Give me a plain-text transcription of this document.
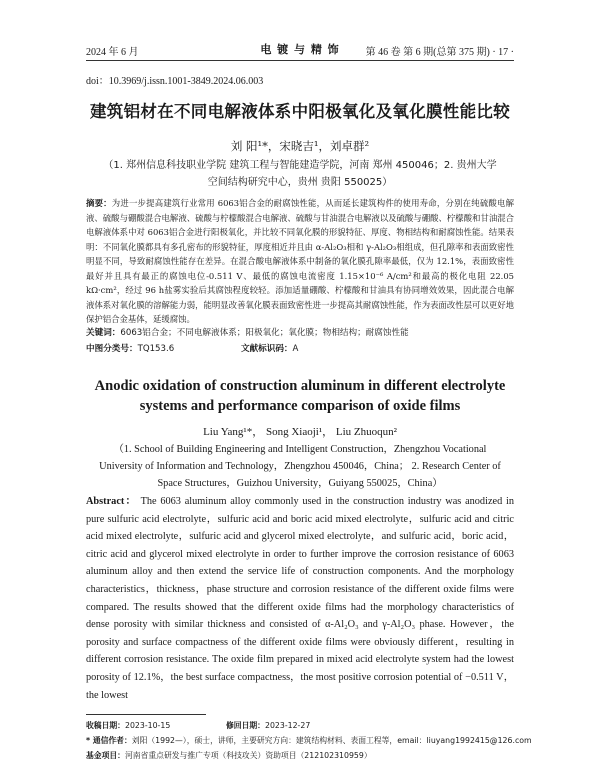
2024 年 6 月	电 镀 与 精 饰	第 46 卷 第 6 期(总第 375 期) · 17 ·
doi：10.3969/j.issn.1001-3849.2024.06.003
建筑铝材在不同电解液体系中阳极氧化及氧化膜性能比较
刘 阳¹*，宋晓吉¹，刘卓群²
（1. 郑州信息科技职业学院 建筑工程与智能建造学院，河南 郑州 450046；2. 贵州大学 空间结构研究中心，贵州 贵阳 550025）
摘要：为进一步提高建筑行业常用 6063铝合金的耐腐蚀性能，从而延长建筑构件的使用寿命，分别在纯硫酸电解液、硫酸与硼酸混合电解液、硫酸与柠檬酸混合电解液、硫酸与甘油混合电解液以及硫酸与硼酸、柠檬酸和甘油混合电解液体系中对 6063铝合金进行阳极氧化，并比较不同氧化膜的形貌特征、厚度、物相结构和耐腐蚀性能。结果表明：不同氧化膜都具有多孔密布的形貌特征，厚度相近并且由 α-Al₂O₃相和 γ-Al₂O₃相组成，但孔隙率和表面致密性明显不同，导致耐腐蚀性能存在差异。在混合酸电解液体系中制备的氧化膜孔隙率最低，仅为 12.1%，表面致密性最好并且具有最正的腐蚀电位-0.511 V、最低的腐蚀电流密度 1.15×10⁻⁶ A/cm²和最高的极化电阻 22.05 kΩ·cm²，经过 96 h盐雾实验后其腐蚀程度较轻。添加适量硼酸、柠檬酸和甘油具有协同增效效果，因此混合电解液体系对氧化膜的溶解能力弱，能明显改善氧化膜表面致密性进一步提高其耐腐蚀性能，作为表面改性层可以更好地保护铝合金基体，延缓腐蚀。
关键词：6063铝合金；不同电解液体系；阳极氧化；氧化膜；物相结构；耐腐蚀性能
中图分类号：TQ153.6	文献标识码：A
Anodic oxidation of construction aluminum in different electrolyte systems and performance comparison of oxide films
Liu Yang¹*， Song Xiaoji¹， Liu Zhuoqun²
（1. School of Building Engineering and Intelligent Construction，Zhengzhou Vocational University of Information and Technology，Zhengzhou 450046，China； 2. Research Center of Space Structures，Guizhou University，Guiyang 550025，China）
Abstract： The 6063 aluminum alloy commonly used in the construction industry was anodized in pure sulfuric acid electrolyte，sulfuric acid and boric acid mixed electrolyte，sulfuric acid and citric acid mixed electrolyte，sulfuric acid and glycerol mixed electrolyte，and sulfuric acid，boric acid，citric acid and glycerol mixed electrolyte in order to further improve the corrosion resistance of 6063 aluminum alloy and then extend the service life of construction components. And the morphology characteristics，thickness，phase structure and corrosion resistance of the different oxide films were compared. The results showed that the different oxide films had the morphology characteristics of dense porosity with similar thickness and consisted of α-Al₂O₃ and γ-Al₂O₃ phase. However，the porosity and surface compactness of the different oxide films were obviously different，resulting in different corrosion resistance. The oxide film prepared in mixed acid electrolyte system had the lowest porosity of 12.1%，the best surface compactness，the most positive corrosion potential of −0.511 V，the lowest
收稿日期：2023-10-15	修回日期：2023-12-27
* 通信作者：刘阳（1992—），硕士，讲师，主要研究方向：建筑结构材料、表面工程等，email：liuyang1992415@126.com
基金项目：河南省重点研发与推广专项（科技攻关）资助项目（212102310959）
